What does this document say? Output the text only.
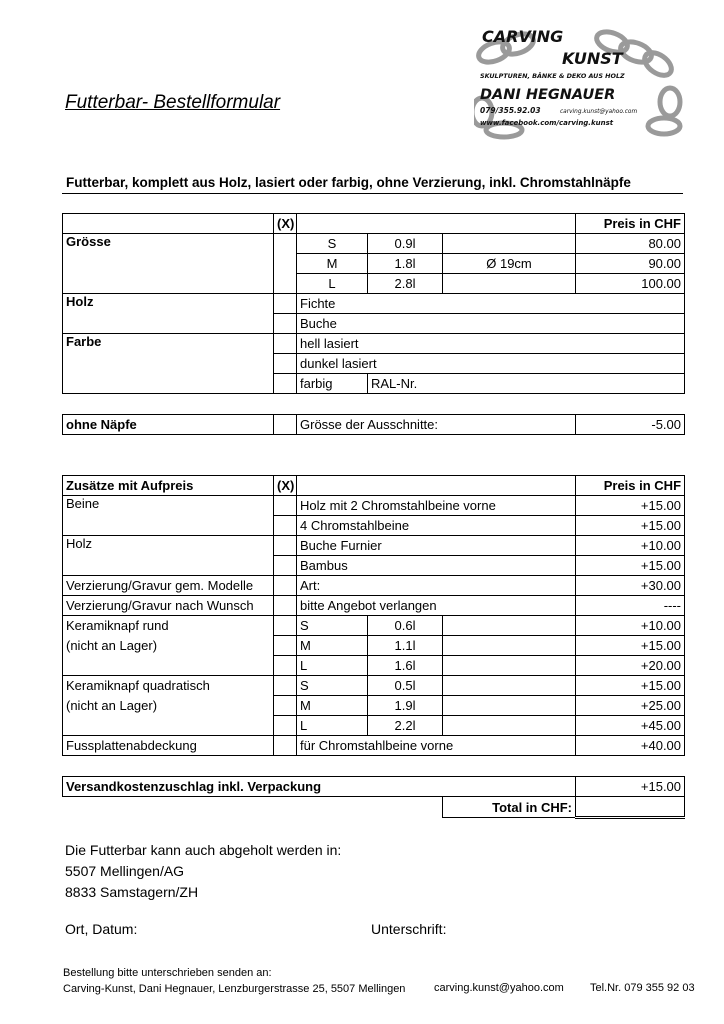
Futterbar- Bestellformular
CARVING
KUNST
SKULPTUREN, BÄNKE & DEKO AUS HOLZ
DANI HEGNAUER
079/355.92.03	carving.kunst@yahoo.com
www.facebook.com/carving.kunst
Futterbar, komplett aus Holz, lasiert oder farbig, ohne Verzierung, inkl. Chromstahlnäpfe
	(X)				Preis in CHF
Grösse		S	0.9l		80.00
		M	1.8l	Ø 19cm	90.00
		L	2.8l		100.00
Holz		Fichte			
		Buche			
Farbe		hell lasiert			
		dunkel lasiert			
		farbig	RAL-Nr.		
ohne Näpfe		Grösse der Ausschnitte:	-5.00
Zusätze mit Aufpreis	(X)				Preis in CHF
Beine		Holz mit 2 Chromstahlbeine vorne			+15.00
		4 Chromstahlbeine			+15.00
Holz		Buche Furnier			+10.00
		Bambus			+15.00
Verzierung/Gravur gem. Modelle		Art:			+30.00
Verzierung/Gravur nach Wunsch		bitte Angebot verlangen			----

Keramiknapf rund
(nicht an Lager)		S	0.6l		+10.00
		M	1.1l		+15.00
		L	1.6l		+20.00

Keramiknapf quadratisch
(nicht an Lager)		S	0.5l		+15.00
		M	1.9l		+25.00
		L	2.2l		+45.00
Fussplattenabdeckung		für Chromstahlbeine vorne			+40.00
Versandkostenzuschlag inkl. Verpackung					+15.00
				Total in CHF:	
Die Futterbar kann auch abgeholt werden in:
5507 Mellingen/AG
8833 Samstagern/ZH
Ort, Datum:	Unterschrift:
Bestellung bitte unterschrieben senden an:
Carving-Kunst, Dani Hegnauer, Lenzburgerstrasse 25, 5507 Mellingen	carving.kunst@yahoo.com Tel.Nr. 079 355 92 03
